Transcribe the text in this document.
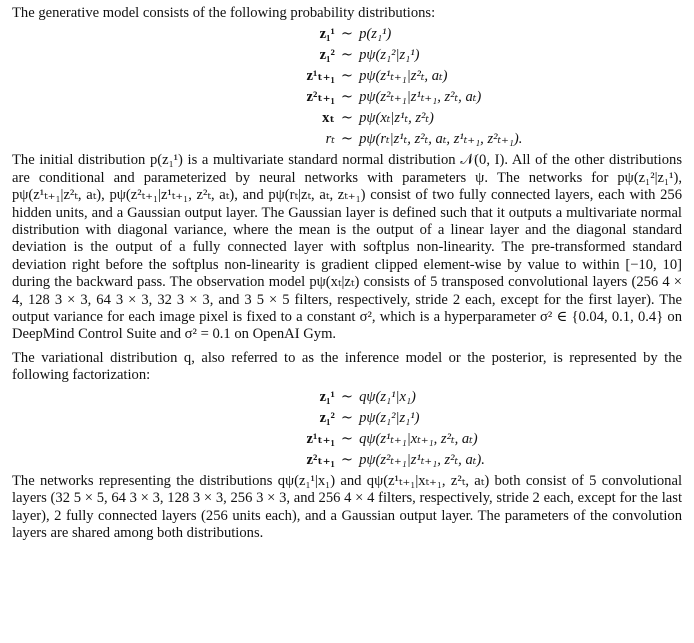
The generative model consists of the following probability distributions:

z₁¹ ∼ p(z₁¹)
z₁² ∼ pψ(z₁²|z₁¹)
z¹ₜ₊₁ ∼ pψ(z¹ₜ₊₁|z²ₜ, aₜ)
z²ₜ₊₁ ∼ pψ(z²ₜ₊₁|z¹ₜ₊₁, z²ₜ, aₜ)
xₜ ∼ pψ(xₜ|z¹ₜ, z²ₜ)
rₜ ∼ pψ(rₜ|z¹ₜ, z²ₜ, aₜ, z¹ₜ₊₁, z²ₜ₊₁).

The initial distribution p(z₁¹) is a multivariate standard normal distribution 𝒩(0, I). All of the other distributions are conditional and parameterized by neural networks with parameters ψ. The networks for pψ(z₁²|z₁¹), pψ(z¹ₜ₊₁|z²ₜ, aₜ), pψ(z²ₜ₊₁|z¹ₜ₊₁, z²ₜ, aₜ), and pψ(rₜ|zₜ, aₜ, zₜ₊₁) consist of two fully connected layers, each with 256 hidden units, and a Gaussian output layer. The Gaussian layer is defined such that it outputs a multivariate normal distribution with diagonal variance, where the mean is the output of a linear layer and the diagonal standard deviation is the output of a fully connected layer with softplus non-linearity. The pre-transformed standard deviation right before the softplus non-linearity is gradient clipped element-wise by value to within [−10, 10] during the backward pass. The observation model pψ(xₜ|zₜ) consists of 5 transposed convolutional layers (256 4 × 4, 128 3 × 3, 64 3 × 3, 32 3 × 3, and 3 5 × 5 filters, respectively, stride 2 each, except for the first layer). The output variance for each image pixel is fixed to a constant σ², which is a hyperparameter σ² ∈ {0.04, 0.1, 0.4} on DeepMind Control Suite and σ² = 0.1 on OpenAI Gym.

The variational distribution q, also referred to as the inference model or the posterior, is represented by the following factorization:

z₁¹ ∼ qψ(z₁¹|x₁)
z₁² ∼ pψ(z₁²|z₁¹)
z¹ₜ₊₁ ∼ qψ(z¹ₜ₊₁|xₜ₊₁, z²ₜ, aₜ)
z²ₜ₊₁ ∼ pψ(z²ₜ₊₁|z¹ₜ₊₁, z²ₜ, aₜ).

The networks representing the distributions qψ(z₁¹|x₁) and qψ(z¹ₜ₊₁|xₜ₊₁, z²ₜ, aₜ) both consist of 5 convolutional layers (32 5 × 5, 64 3 × 3, 128 3 × 3, 256 3 × 3, and 256 4 × 4 filters, respectively, stride 2 each, except for the last layer), 2 fully connected layers (256 units each), and a Gaussian output layer. The parameters of the convolution layers are shared among both distributions.
